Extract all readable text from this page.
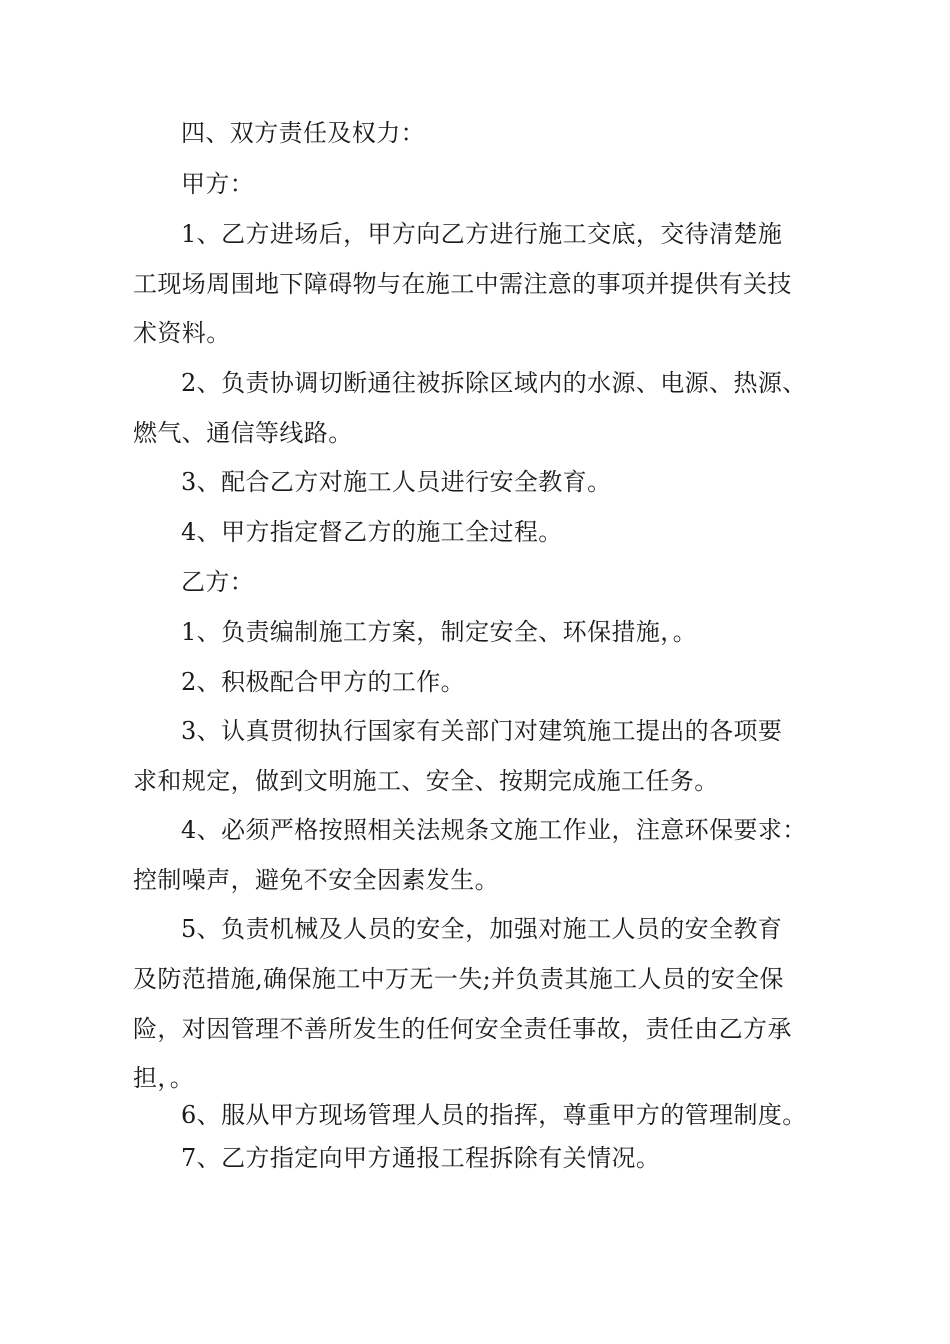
四、双方责任及权力：
甲方：
1、乙方进场后，甲方向乙方进行施工交底，交待清楚施
工现场周围地下障碍物与在施工中需注意的事项并提供有关技
术资料。
2、负责协调切断通往被拆除区域内的水源、电源、热源、
燃气、通信等线路。
3、配合乙方对施工人员进行安全教育。
4、甲方指定督乙方的施工全过程。
乙方：
1、负责编制施工方案，制定安全、环保措施，。
2、积极配合甲方的工作。
3、认真贯彻执行国家有关部门对建筑施工提出的各项要
求和规定，做到文明施工、安全、按期完成施工任务。
4、必须严格按照相关法规条文施工作业，注意环保要求：
控制噪声，避免不安全因素发生。
5、负责机械及人员的安全，加强对施工人员的安全教育
及防范措施,确保施工中万无一失;并负责其施工人员的安全保
险，对因管理不善所发生的任何安全责任事故，责任由乙方承
担，。
6、服从甲方现场管理人员的指挥，尊重甲方的管理制度。
7、乙方指定向甲方通报工程拆除有关情况。
